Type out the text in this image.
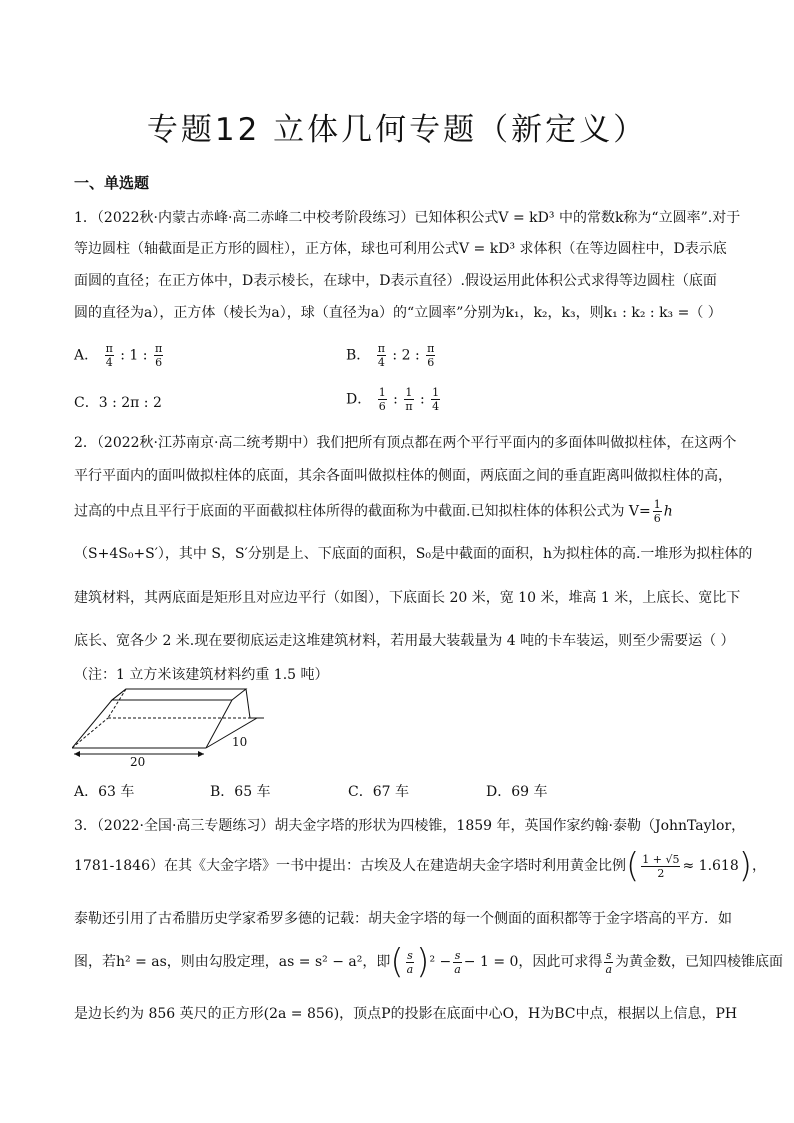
专题12 立体几何专题（新定义）
一、单选题
1．（2022秋·内蒙古赤峰·高二赤峰二中校考阶段练习）已知体积公式V = kD³ 中的常数k称为“立圆率”.对于
等边圆柱（轴截面是正方形的圆柱），正方体，球也可利用公式V = kD³ 求体积（在等边圆柱中，D表示底
面圆的直径；在正方体中，D表示棱长，在球中，D表示直径）.假设运用此体积公式求得等边圆柱（底面
圆的直径为a），正方体（棱长为a），球（直径为a）的“立圆率”分别为k₁，k₂，k₃，则k₁ : k₂ : k₃ =（ ）
A． $\frac{\pi}{4}$ : 1 : $\frac{\pi}{6}$	B． $\frac{\pi}{4}$ : 2 : $\frac{\pi}{6}$
C．3 : 2π : 2	D． $\frac{1}{6}$ : $\frac{1}{\pi}$ : $\frac{1}{4}$
2．（2022秋·江苏南京·高二统考期中）我们把所有顶点都在两个平行平面内的多面体叫做拟柱体，在这两个
平行平面内的面叫做拟柱体的底面，其余各面叫做拟柱体的侧面，两底面之间的垂直距离叫做拟柱体的高，
过高的中点且平行于底面的平面截拟柱体所得的截面称为中截面.已知拟柱体的体积公式为 $V= \frac{1}{6}$ h
（S+4S₀+S′），其中 S，S′分别是上、下底面的面积，S₀是中截面的面积，h为拟柱体的高.一堆形为拟柱体的
建筑材料，其两底面是矩形且对应边平行（如图），下底面长 20 米，宽 10 米，堆高 1 米，上底长、宽比下
底长、宽各少 2 米.现在要彻底运走这堆建筑材料，若用最大装载量为 4 吨的卡车装运，则至少需要运（ ）
（注：1 立方米该建筑材料约重 1.5 吨）
20
10
A．63 车	B．65 车	C．67 车	D．69 车
3．（2022·全国·高三专题练习）胡夫金字塔的形状为四棱锥，1859 年，英国作家约翰·泰勒（JohnTaylor，
1781-1846）在其《大金字塔》一书中提出：古埃及人在建造胡夫金字塔时利用黄金比例( $\frac{1 + √5}{2} \approx 1.618$)，
泰勒还引用了古希腊历史学家希罗多德的记载：胡夫金字塔的每一个侧面的面积都等于金字塔高的平方．如
图，若h² = as，则由勾股定理，as = s² − a²，即( $\frac{s}{a} )^2 - \frac{s}{a} - 1 = 0$，因此可求得 $\frac{s}{a}$ 为黄金数，已知四棱锥底面
是边长约为 856 英尺的正方形(2a = 856)，顶点P的投影在底面中心O，H为BC中点，根据以上信息，PH
